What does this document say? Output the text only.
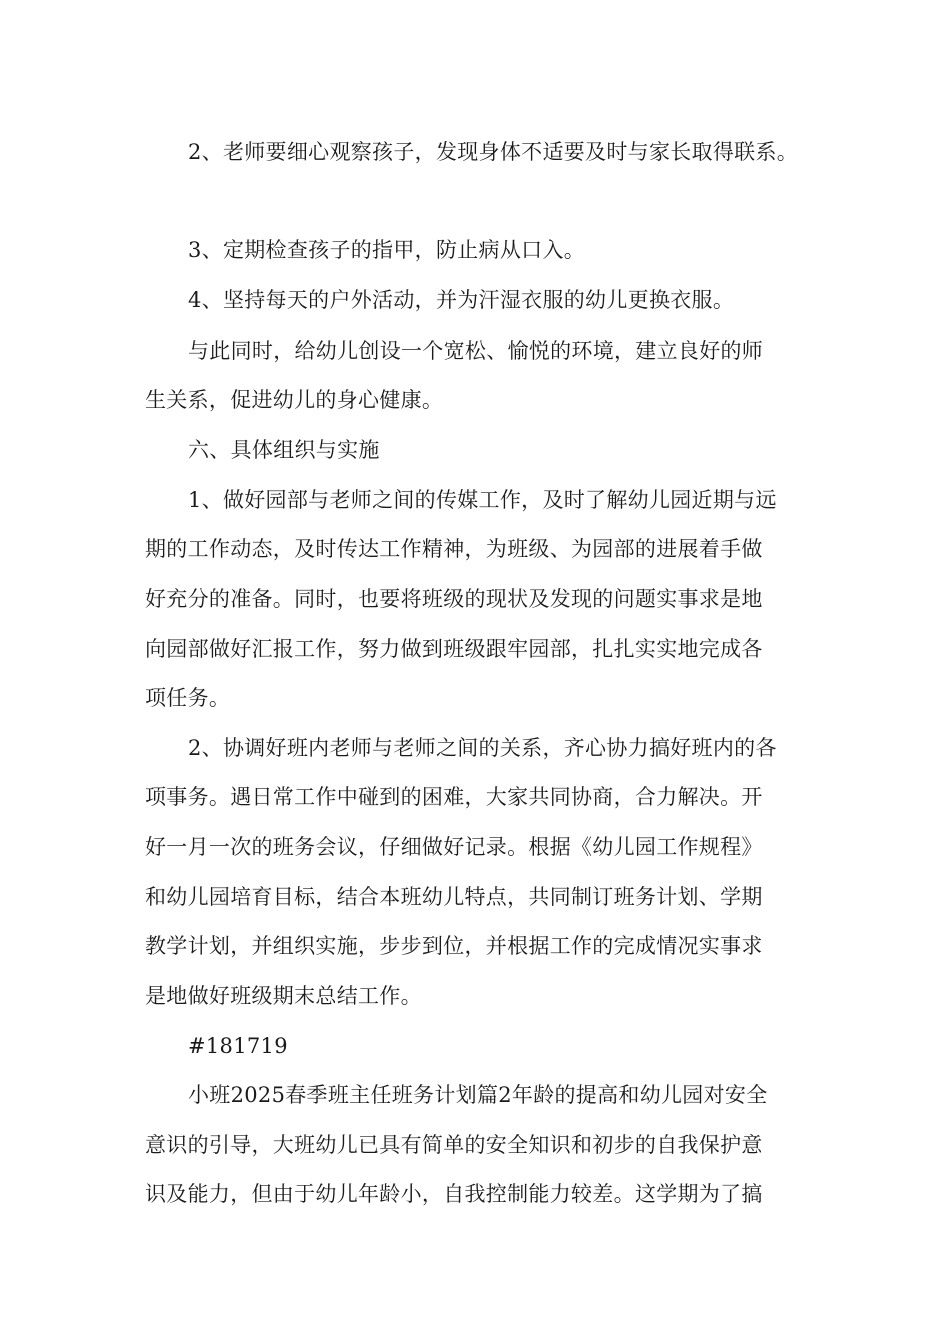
2、老师要细心观察孩子，发现身体不适要及时与家长取得联系。
3、定期检查孩子的指甲，防止病从口入。
4、坚持每天的户外活动，并为汗湿衣服的幼儿更换衣服。
与此同时，给幼儿创设一个宽松、愉悦的环境，建立良好的师
生关系，促进幼儿的身心健康。
六、具体组织与实施
1、做好园部与老师之间的传媒工作，及时了解幼儿园近期与远
期的工作动态，及时传达工作精神，为班级、为园部的进展着手做
好充分的准备。同时，也要将班级的现状及发现的问题实事求是地
向园部做好汇报工作，努力做到班级跟牢园部，扎扎实实地完成各
项任务。
2、协调好班内老师与老师之间的关系，齐心协力搞好班内的各
项事务。遇日常工作中碰到的困难，大家共同协商，合力解决。开
好一月一次的班务会议，仔细做好记录。根据《幼儿园工作规程》
和幼儿园培育目标，结合本班幼儿特点，共同制订班务计划、学期
教学计划，并组织实施，步步到位，并根据工作的完成情况实事求
是地做好班级期末总结工作。
#181719
小班2025春季班主任班务计划篇2年龄的提高和幼儿园对安全
意识的引导，大班幼儿已具有简单的安全知识和初步的自我保护意
识及能力，但由于幼儿年龄小，自我控制能力较差。这学期为了搞
